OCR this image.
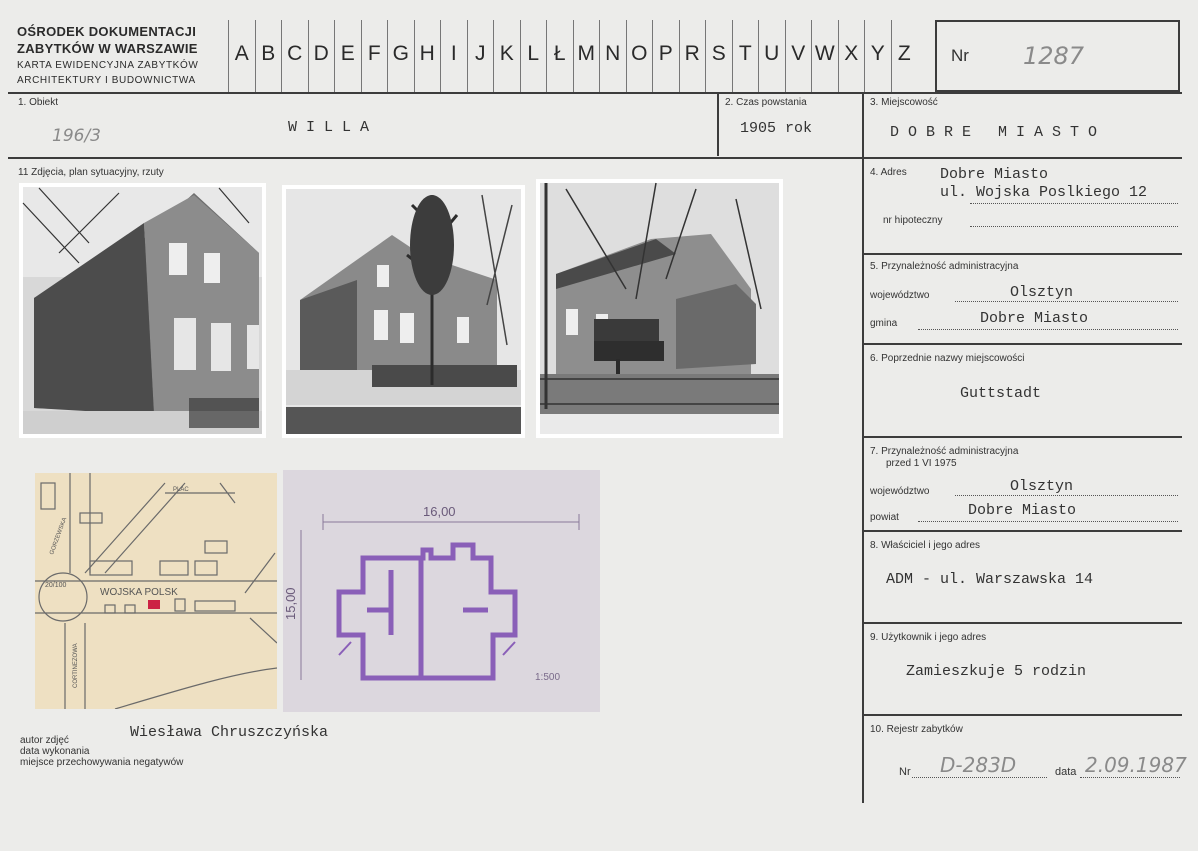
OŚRODEK DOKUMENTACJI
ZABYTKÓW W WARSZAWIE
KARTA EWIDENCYJNA ZABYTKÓW
ARCHITEKTURY I BUDOWNICTWA
A B C D E F G H I J K L Ł M N O P R S T U V W X Y Z	Nr 1287
1. Obiekt
196/3	W I L L A
2. Czas powstania
1905 rok
3. Miejscowość
D O B R E   M I A S T O
11 Zdjęcia, plan sytuacyjny, rzuty
WOJSKA POLSK
PLAC
20/100
GORZEWSKA
CORTINEZOWA
16,00
15,00
1:500
autor zdjęć
data wykonania
miejsce przechowywania negatywów
Wiesława Chruszczyńska
4. Adres Dobre Miasto
ul. Wojska Poslkiego 12
nr hipoteczny
5. Przynależność administracyjna
województwo	Olsztyn
gmina	Dobre Miasto
6. Poprzednie nazwy miejscowości
Guttstadt
7. Przynależność administracyjna
przed 1 VI 1975
województwo	Olsztyn
powiat	Dobre Miasto
8. Właściciel i jego adres
ADM - ul. Warszawska 14
9. Użytkownik i jego adres
Zamieszkuje 5 rodzin
10. Rejestr zabytków
Nr D-283D	data 2.09.1987
